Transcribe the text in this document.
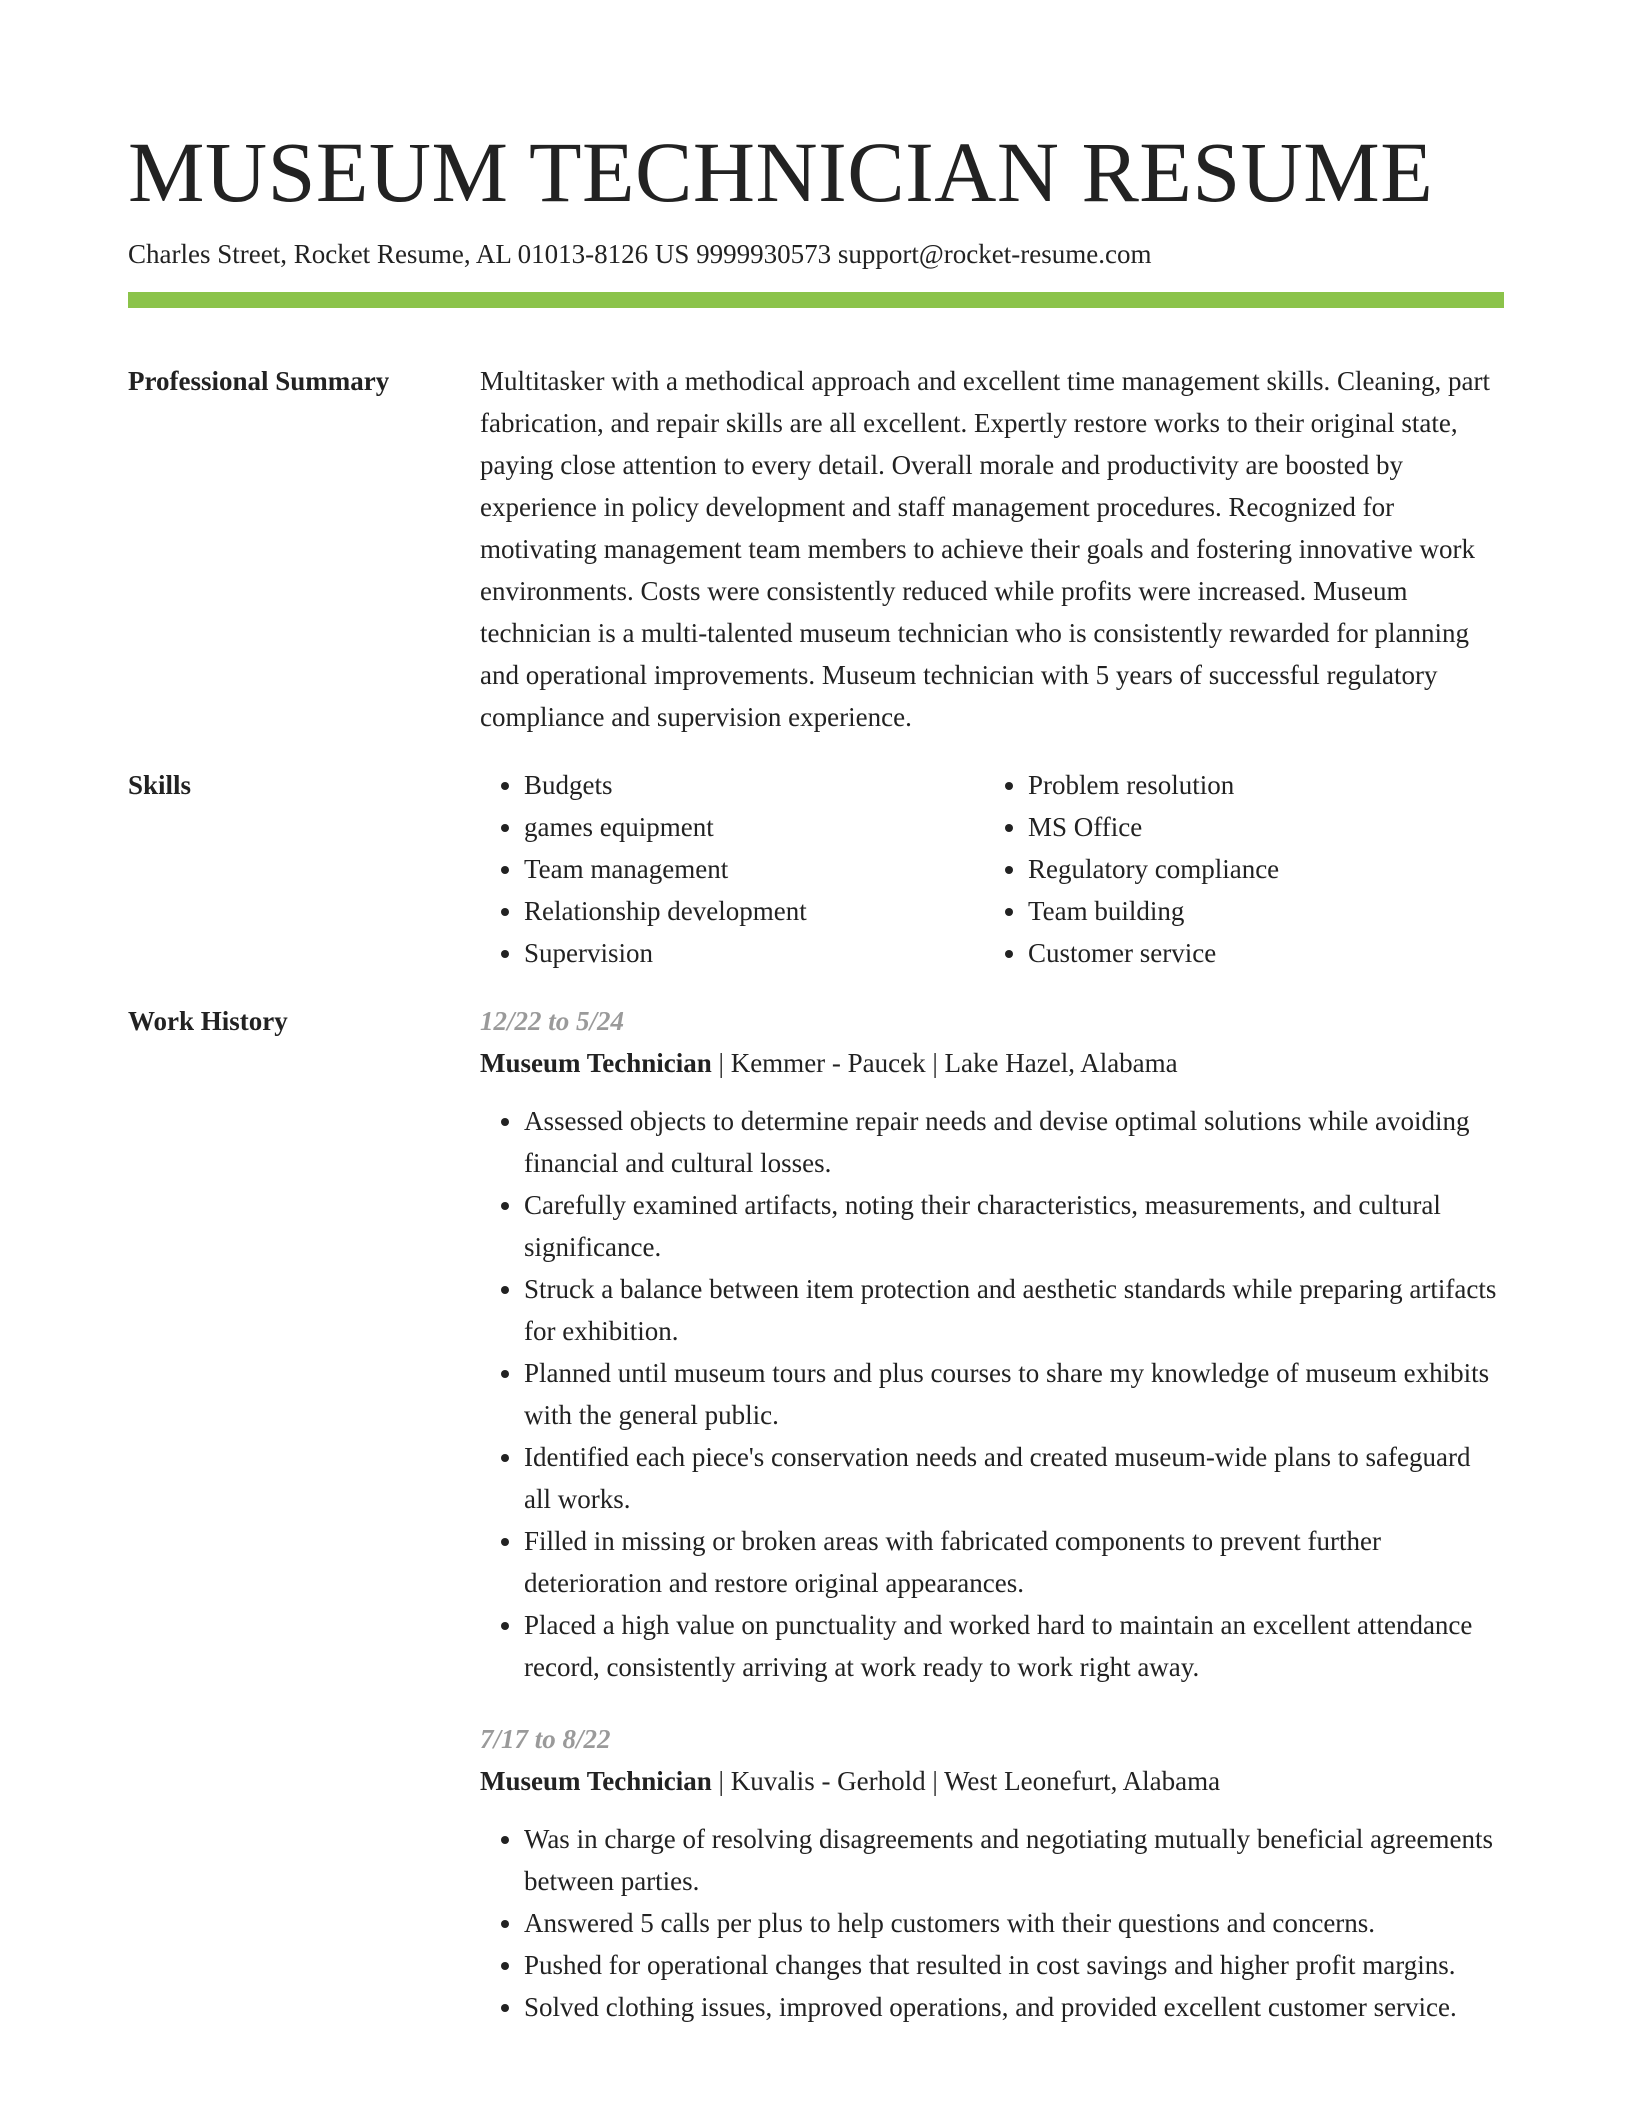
MUSEUM TECHNICIAN RESUME
Charles Street, Rocket Resume, AL 01013-8126 US 9999930573 support@rocket-resume.com
Professional Summary	Multitasker with a methodical approach and excellent time management skills. Cleaning, part fabrication, and repair skills are all excellent. Expertly restore works to their original state, paying close attention to every detail. Overall morale and productivity are boosted by experience in policy development and staff management procedures. Recognized for motivating management team members to achieve their goals and fostering innovative work environments. Costs were consistently reduced while profits were increased. Museum technician is a multi-talented museum technician who is consistently rewarded for planning and operational improvements. Museum technician with 5 years of successful regulatory compliance and supervision experience.

Skills
•	Budgets
• games equipment
• Team management
• Relationship development
• Supervision
• Problem resolution
• MS Office
• Regulatory compliance
• Team building
• Customer service
Work History	12/22 to 5/24
Museum Technician | Kemmer - Paucek | Lake Hazel, Alabama
• Assessed objects to determine repair needs and devise optimal solutions while avoiding financial and cultural losses.
• Carefully examined artifacts, noting their characteristics, measurements, and cultural significance.
• Struck a balance between item protection and aesthetic standards while preparing artifacts for exhibition.
• Planned until museum tours and plus courses to share my knowledge of museum exhibits with the general public.
• Identified each piece's conservation needs and created museum-wide plans to safeguard all works.
• Filled in missing or broken areas with fabricated components to prevent further deterioration and restore original appearances.
• Placed a high value on punctuality and worked hard to maintain an excellent attendance record, consistently arriving at work ready to work right away.
7/17 to 8/22
Museum Technician | Kuvalis - Gerhold | West Leonefurt, Alabama
• Was in charge of resolving disagreements and negotiating mutually beneficial agreements between parties.
• Answered 5 calls per plus to help customers with their questions and concerns.
• Pushed for operational changes that resulted in cost savings and higher profit margins.
• Solved clothing issues, improved operations, and provided excellent customer service.
